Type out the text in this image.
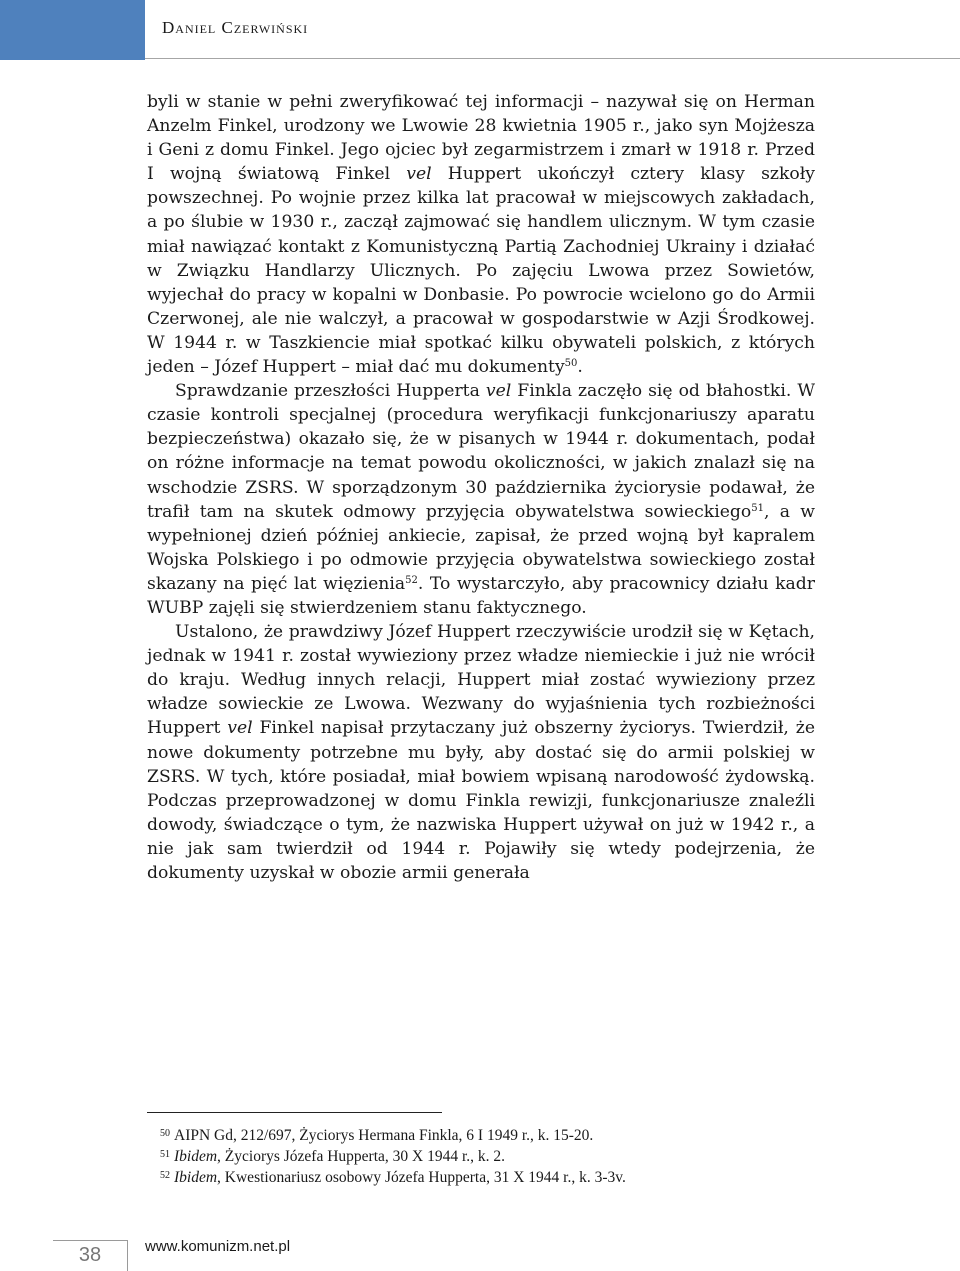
Daniel Czerwiński

byli w stanie w pełni zweryfikować tej informacji – nazywał się on Herman Anzelm Finkel, urodzony we Lwowie 28 kwietnia 1905 r., jako syn Mojżesza i Geni z domu Finkel. Jego ojciec był zegarmistrzem i zmarł w 1918 r. Przed I wojną światową Finkel vel Huppert ukończył cztery klasy szkoły powszechnej. Po wojnie przez kilka lat pracował w miejscowych zakładach, a po ślubie w 1930 r., zaczął zajmować się handlem ulicznym. W tym czasie miał nawiązać kontakt z Komunistyczną Partią Zachodniej Ukrainy i działać w Związku Handlarzy Ulicznych. Po zajęciu Lwowa przez Sowietów, wyjechał do pracy w kopalni w Donbasie. Po powrocie wcielono go do Armii Czerwonej, ale nie walczył, a pracował w gospodarstwie w Azji Środkowej. W 1944 r. w Taszkiencie miał spotkać kilku obywateli polskich, z których jeden – Józef Huppert – miał dać mu dokumenty$^{50}$.

Sprawdzanie przeszłości Hupperta vel Finkla zaczęło się od błahostki. W czasie kontroli specjalnej (procedura weryfikacji funkcjonariuszy aparatu bezpieczeństwa) okazało się, że w pisanych w 1944 r. dokumentach, podał on różne informacje na temat powodu okoliczności, w jakich znalazł się na wschodzie ZSRS. W sporządzonym 30 października życiorysie podawał, że trafił tam na skutek odmowy przyjęcia obywatelstwa sowieckiego$^{51}$, a w wypełnionej dzień później ankiecie, zapisał, że przed wojną był kapralem Wojska Polskiego i po odmowie przyjęcia obywatelstwa sowieckiego został skazany na pięć lat więzienia$^{52}$. To wystarczyło, aby pracownicy działu kadr WUBP zajęli się stwierdzeniem stanu faktycznego.

Ustalono, że prawdziwy Józef Huppert rzeczywiście urodził się w Kętach, jednak w 1941 r. został wywieziony przez władze niemieckie i już nie wrócił do kraju. Według innych relacji, Huppert miał zostać wywieziony przez władze sowieckie ze Lwowa. Wezwany do wyjaśnienia tych rozbieżności Huppert vel Finkel napisał przytaczany już obszerny życiorys. Twierdził, że nowe dokumenty potrzebne mu były, aby dostać się do armii polskiej w ZSRS. W tych, które posiadał, miał bowiem wpisaną narodowość żydowską. Podczas przeprowadzonej w domu Finkla rewizji, funkcjonariusze znaleźli dowody, świadczące o tym, że nazwiska Huppert używał on już w 1942 r., a nie jak sam twierdził od 1944 r. Pojawiły się wtedy podejrzenia, że dokumenty uzyskał w obozie armii generała

$^{50}$ AIPN Gd, 212/697, Życiorys Hermana Finkla, 6 I 1949 r., k. 15-20.
$^{51}$ Ibidem, Życiorys Józefa Hupperta, 30 X 1944 r., k. 2.
$^{52}$ Ibidem, Kwestionariusz osobowy Józefa Hupperta, 31 X 1944 r., k. 3-3v.
38	www.komunizm.net.pl
